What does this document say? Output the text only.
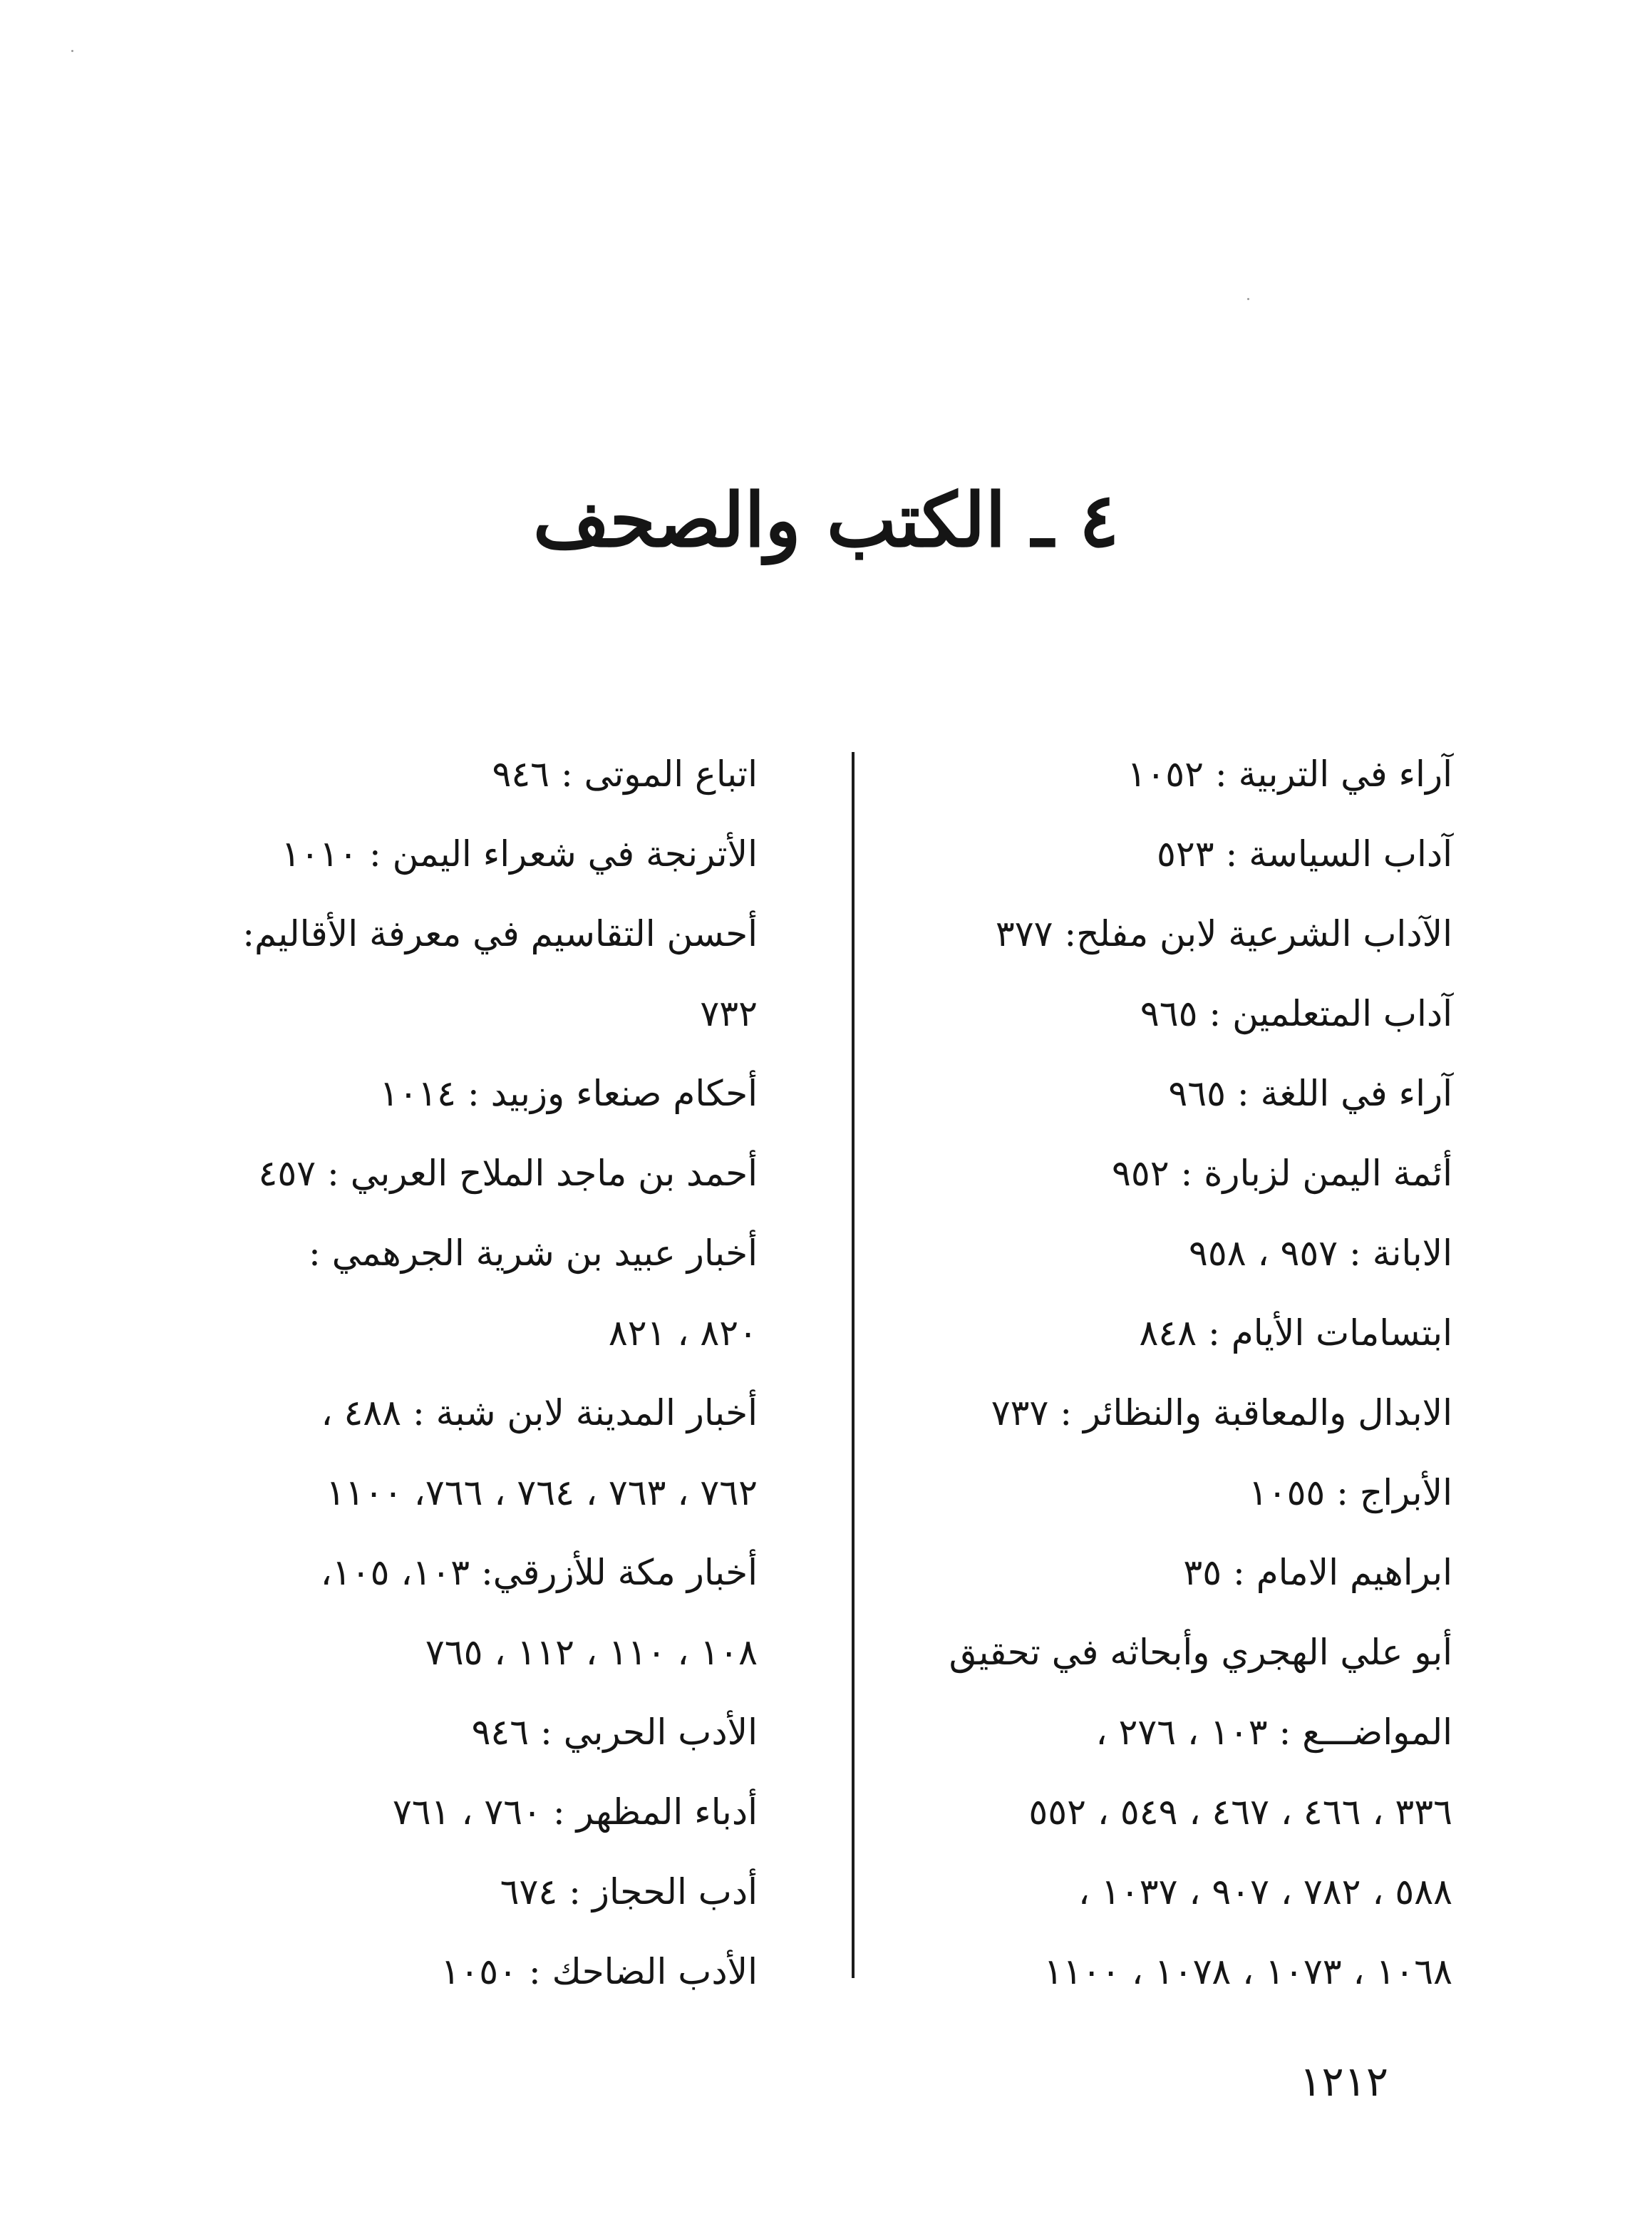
٤ ـ الكتب والصحف
آراء في التربية : ١٠٥٢
آداب السياسة : ٥٢٣
الآداب الشرعية لابن مفلح: ٣٧٧
آداب المتعلمين : ٩٦٥
آراء في اللغة : ٩٦٥
أئمة اليمن لزبارة : ٩٥٢
الابانة : ٩٥٧ ، ٩٥٨
ابتسامات الأيام : ٨٤٨
الابدال والمعاقبة والنظائر : ٧٣٧
الأبراج : ١٠٥٥
ابراهيم الامام : ٣٥
أبو علي الهجري وأبحاثه في تحقيق
المواضـــع : ١٠٣ ، ٢٧٦ ،
٣٣٦ ، ٤٦٦ ، ٤٦٧ ، ٥٤٩ ، ٥٥٢
٥٨٨ ، ٧٨٢ ، ٩٠٧ ، ١٠٣٧ ،
١٠٦٨ ، ١٠٧٣ ، ١٠٧٨ ، ١١٠٠
اتباع الموتى : ٩٤٦
الأترنجة في شعراء اليمن : ١٠١٠
أحسن التقاسيم في معرفة الأقاليم:
٧٣٢
أحكام صنعاء وزبيد : ١٠١٤
أحمد بن ماجد الملاح العربي : ٤٥٧
أخبار عبيد بن شرية الجرهمي :
٨٢٠ ، ٨٢١
أخبار المدينة لابن شبة : ٤٨٨ ،
٧٦٢ ، ٧٦٣ ، ٧٦٤ ، ٧٦٦، ١١٠٠
أخبار مكة للأزرقي: ١٠٣، ١٠٥،
١٠٨ ، ١١٠ ، ١١٢ ، ٧٦٥
الأدب الحربي : ٩٤٦
أدباء المظهر : ٧٦٠ ، ٧٦١
أدب الحجاز : ٦٧٤
الأدب الضاحك : ١٠٥٠
١٢١٢
